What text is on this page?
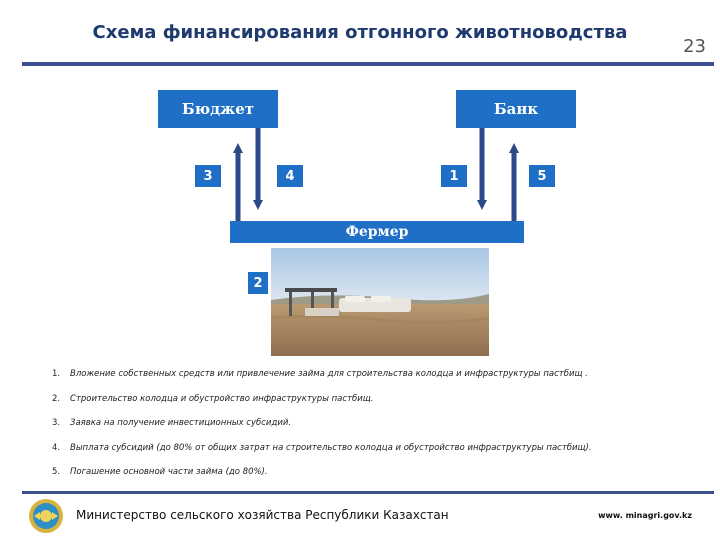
Схема финансирования отгонного животноводства
23
Бюджет	Банк
3	4	1	5
Фермер
2
1.	Вложение собственных средств или привлечение займа для строительства колодца и инфраструктуры пастбищ .
2.	Строительство колодца и обустройство инфраструктуры пастбищ.
3.	Заявка на получение инвестиционных субсидий.
4.	Выплата субсидий (до 80% от общих затрат на строительство колодца и обустройство инфраструктуры пастбищ).
5.	Погашение основной части займа (до 80%).
Министерство сельского хозяйства Республики Казахстан	www. minagri.gov.kz
